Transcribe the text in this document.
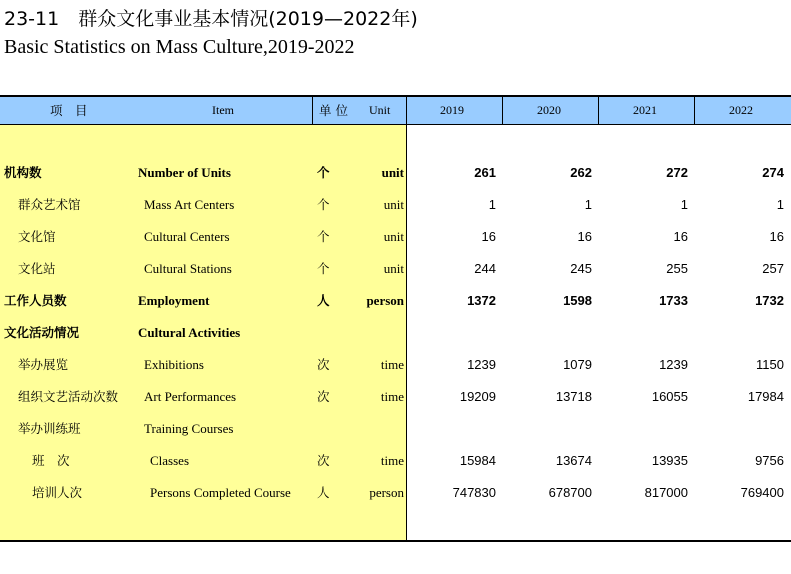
23-11　群众文化事业基本情况(2019—2022年)
Basic Statistics on Mass Culture,2019-2022
项　目	Item	单 位 Unit	2019	2020	2021	2022
机构数	Number of Units	个	unit	261	262	272	274
群众艺术馆	Mass Art Centers	个	unit	1	1	1	1
文化馆	Cultural Centers	个	unit	16	16	16	16
文化站	Cultural Stations	个	unit	244	245	255	257
工作人员数	Employment	人	person	1372	1598	1733	1732
文化活动情况	Cultural Activities
举办展览	Exhibitions	次	time	1239	1079	1239	1150
组织文艺活动次数 Art Performances	次	time	19209	13718	16055	17984
举办训练班	Training Courses
班　次	Classes	次	time	15984	13674	13935	9756
培训人次	Persons Completed Course 人	person	747830	678700	817000	769400
